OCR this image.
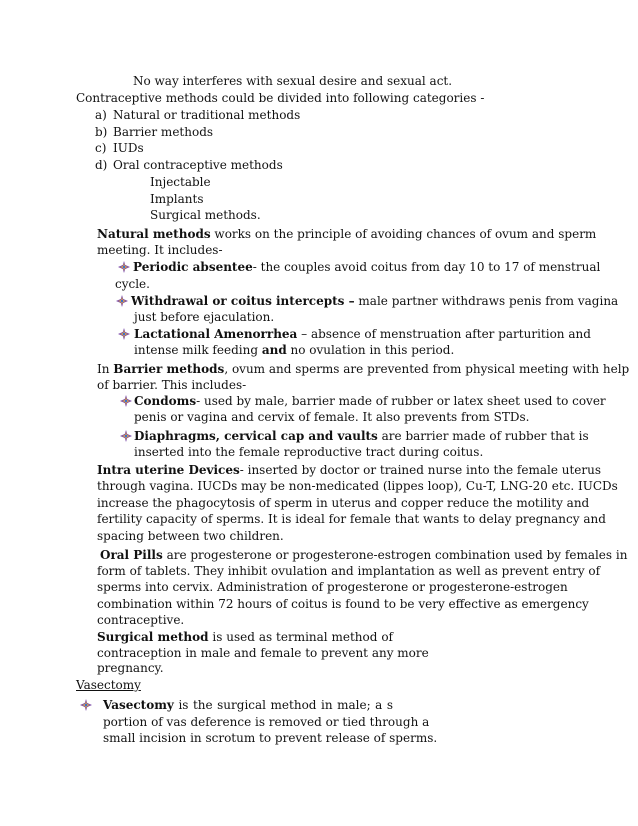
No way interferes with sexual desire and sexual act.
Contraceptive methods could be divided into following categories -
a) Natural or traditional methods
b) Barrier methods
c) IUDs
d) Oral contraceptive methods
Injectable
Implants
Surgical methods.
Natural methods works on the principle of avoiding chances of ovum and sperm
meeting. It includes-
Periodic absentee- the couples avoid coitus from day 10 to 17 of menstrual
cycle.
Withdrawal or coitus intercepts – male partner withdraws penis from vagina
just before ejaculation.
Lactational Amenorrhea – absence of menstruation after parturition and
intense milk feeding and no ovulation in this period.
In Barrier methods, ovum and sperms are prevented from physical meeting with help
of barrier. This includes-
Condoms- used by male, barrier made of rubber or latex sheet used to cover
penis or vagina and cervix of female. It also prevents from STDs.
Diaphragms, cervical cap and vaults are barrier made of rubber that is
inserted into the female reproductive tract during coitus.
Intra uterine Devices- inserted by doctor or trained nurse into the female uterus
through vagina. IUCDs may be non-medicated (lippes loop), Cu-T, LNG-20 etc. IUCDs
increase the phagocytosis of sperm in uterus and copper reduce the motility and
fertility capacity of sperms. It is ideal for female that wants to delay pregnancy and
spacing between two children.
Oral Pills are progesterone or progesterone-estrogen combination used by females in
form of tablets. They inhibit ovulation and implantation as well as prevent entry of
sperms into cervix. Administration of progesterone or progesterone-estrogen
combination within 72 hours of coitus is found to be very effective as emergency
contraceptive.
Surgical method is used as terminal method of
contraception in male and female to prevent any more
pregnancy.
Vasectomy
Vasectomy is the surgical method in male; a s
portion of vas deference is removed or tied through a
small incision in scrotum to prevent release of sperms.
